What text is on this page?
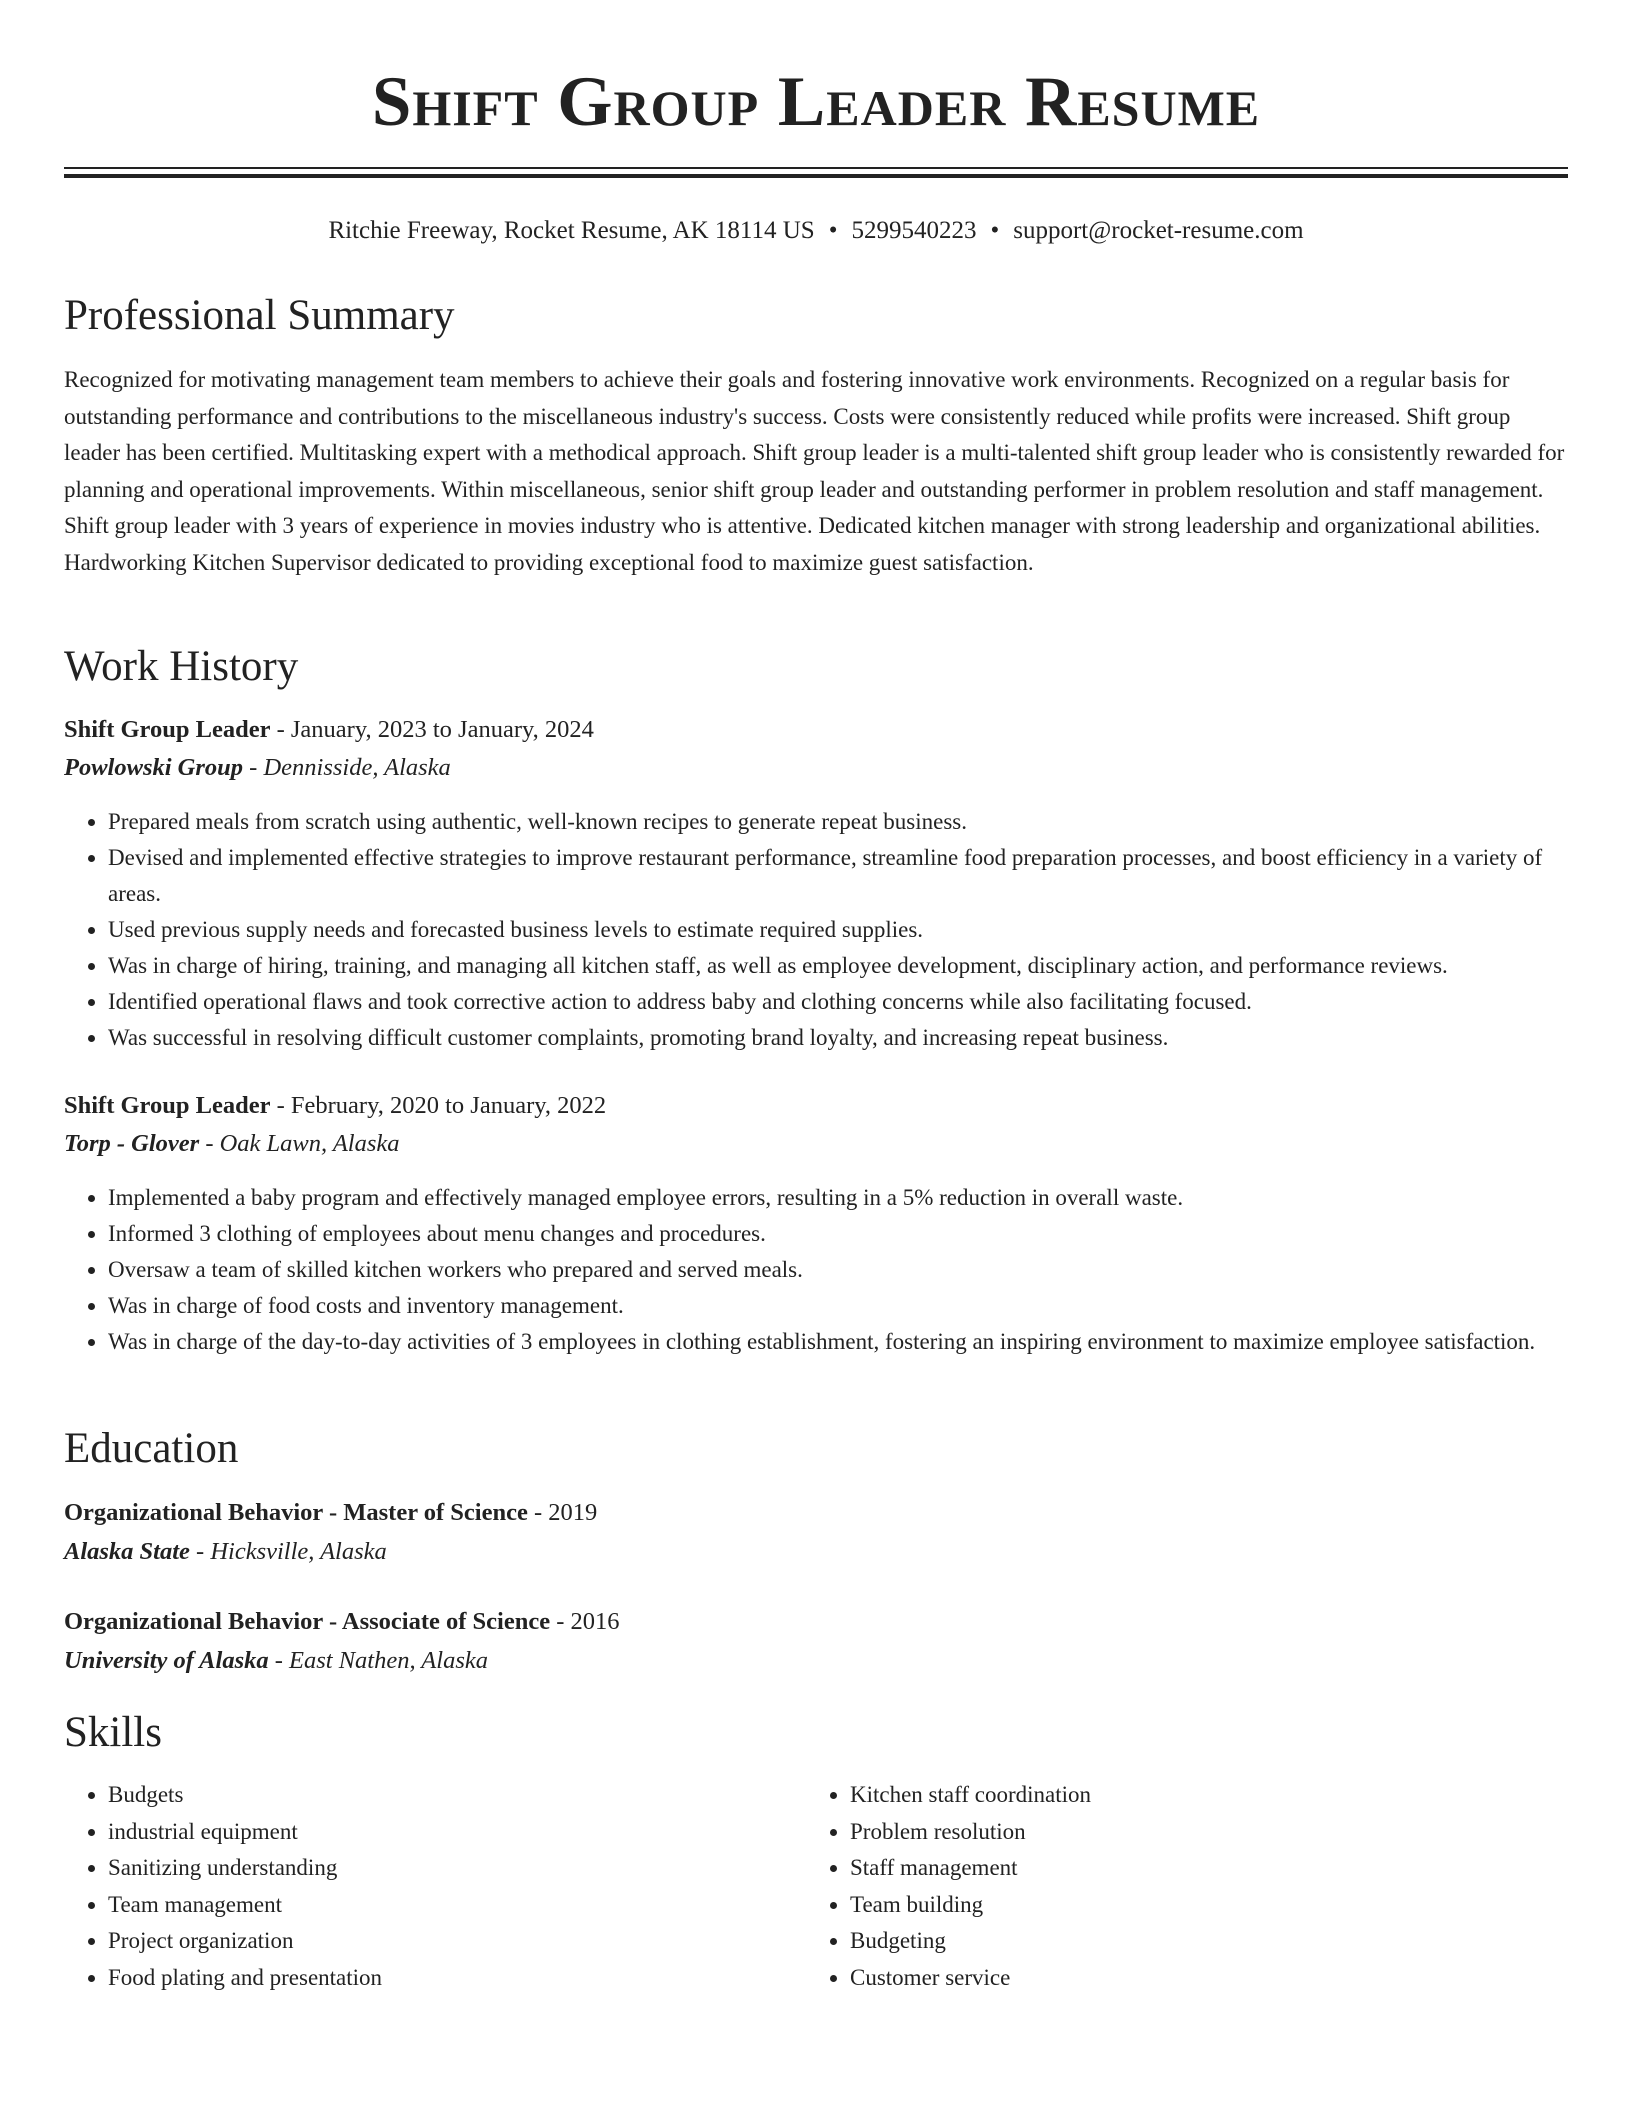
Shift Group Leader Resume
Ritchie Freeway, Rocket Resume, AK 18114 US • 5299540223 • support@rocket-resume.com
Professional Summary

Recognized for motivating management team members to achieve their goals and fostering innovative work environments. Recognized on a regular basis for outstanding performance and contributions to the miscellaneous industry's success. Costs were consistently reduced while profits were increased. Shift group leader has been certified. Multitasking expert with a methodical approach. Shift group leader is a multi-talented shift group leader who is consistently rewarded for planning and operational improvements. Within miscellaneous, senior shift group leader and outstanding performer in problem resolution and staff management. Shift group leader with 3 years of experience in movies industry who is attentive. Dedicated kitchen manager with strong leadership and organizational abilities. Hardworking Kitchen Supervisor dedicated to providing exceptional food to maximize guest satisfaction.

Work History
Shift Group Leader - January, 2023 to January, 2024
Powlowski Group - Dennisside, Alaska
• Prepared meals from scratch using authentic, well-known recipes to generate repeat business.
• Devised and implemented effective strategies to improve restaurant performance, streamline food preparation processes, and boost efficiency in a variety of areas.
• Used previous supply needs and forecasted business levels to estimate required supplies.
• Was in charge of hiring, training, and managing all kitchen staff, as well as employee development, disciplinary action, and performance reviews.
• Identified operational flaws and took corrective action to address baby and clothing concerns while also facilitating focused.
• Was successful in resolving difficult customer complaints, promoting brand loyalty, and increasing repeat business.
Shift Group Leader - February, 2020 to January, 2022
Torp - Glover - Oak Lawn, Alaska
• Implemented a baby program and effectively managed employee errors, resulting in a 5% reduction in overall waste.
• Informed 3 clothing of employees about menu changes and procedures.
• Oversaw a team of skilled kitchen workers who prepared and served meals.
• Was in charge of food costs and inventory management.
• Was in charge of the day-to-day activities of 3 employees in clothing establishment, fostering an inspiring environment to maximize employee satisfaction.
Education
Organizational Behavior - Master of Science - 2019
Alaska State - Hicksville, Alaska
Organizational Behavior - Associate of Science - 2016
University of Alaska - East Nathen, Alaska
Skills
• Budgets
• industrial equipment
• Sanitizing understanding
• Team management
• Project organization
• Food plating and presentation
• Kitchen staff coordination
• Problem resolution
• Staff management
• Team building
• Budgeting
• Customer service
